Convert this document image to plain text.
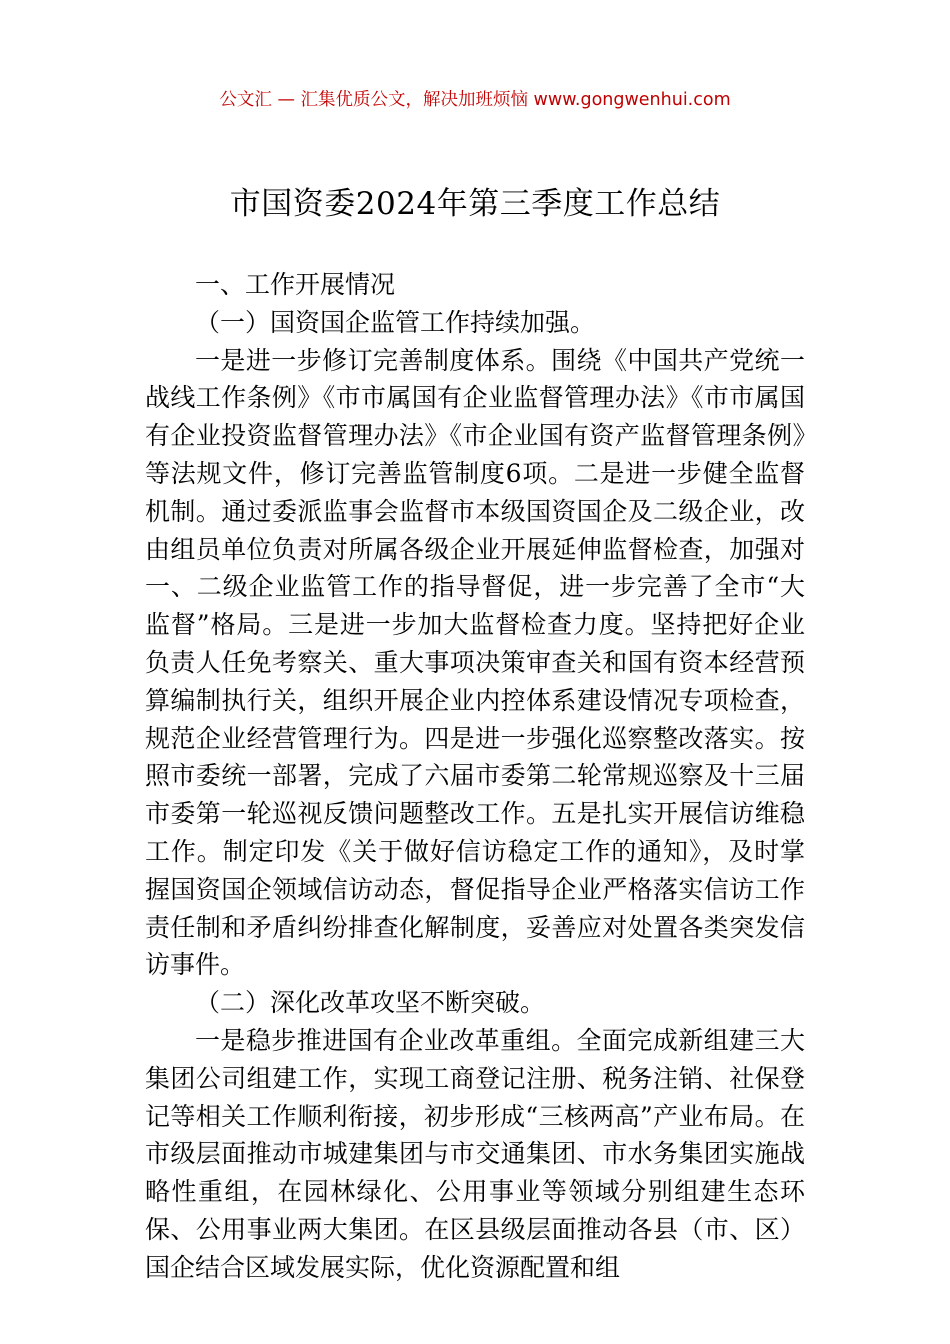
公文汇 — 汇集优质公文，解决加班烦恼 www.gongwenhui.com
市国资委2024年第三季度工作总结

一、工作开展情况

（一）国资国企监管工作持续加强。

一是进一步修订完善制度体系。围绕《中国共产党统一战线工作条例》《市市属国有企业监督管理办法》《市市属国有企业投资监督管理办法》《市企业国有资产监督管理条例》等法规文件，修订完善监管制度6项。二是进一步健全监督机制。通过委派监事会监督市本级国资国企及二级企业，改由组员单位负责对所属各级企业开展延伸监督检查，加强对一、二级企业监管工作的指导督促，进一步完善了全市“大监督”格局。三是进一步加大监督检查力度。坚持把好企业负责人任免考察关、重大事项决策审查关和国有资本经营预算编制执行关，组织开展企业内控体系建设情况专项检查，规范企业经营管理行为。四是进一步强化巡察整改落实。按照市委统一部署，完成了六届市委第二轮常规巡察及十三届市委第一轮巡视反馈问题整改工作。五是扎实开展信访维稳工作。制定印发《关于做好信访稳定工作的通知》，及时掌握国资国企领域信访动态，督促指导企业严格落实信访工作责任制和矛盾纠纷排查化解制度，妥善应对处置各类突发信访事件。

（二）深化改革攻坚不断突破。

一是稳步推进国有企业改革重组。全面完成新组建三大集团公司组建工作，实现工商登记注册、税务注销、社保登记等相关工作顺利衔接，初步形成“三核两高”产业布局。在市级层面推动市城建集团与市交通集团、市水务集团实施战略性重组，在园林绿化、公用事业等领域分别组建生态环保、公用事业两大集团。在区县级层面推动各县（市、区）国企结合区域发展实际，优化资源配置和组
